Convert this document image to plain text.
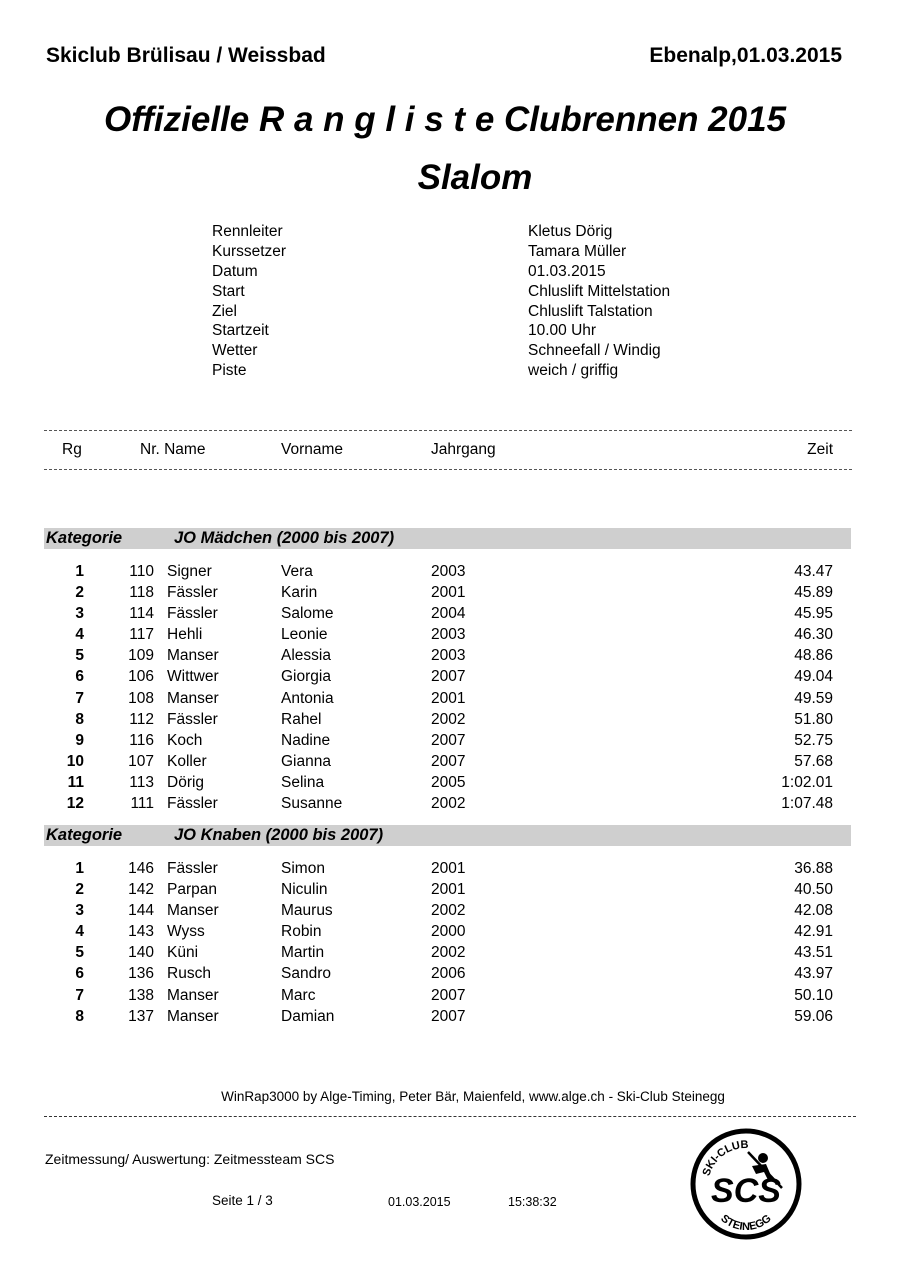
Skiclub Brülisau / Weissbad	Ebenalp,01.03.2015
Offizielle R a n g l i s t e Clubrennen 2015
Slalom
Rennleiter	Kletus Dörig
Kurssetzer	Tamara Müller
Datum	01.03.2015
Start	Chluslift Mittelstation
Ziel	Chluslift Talstation
Startzeit	10.00 Uhr
Wetter	Schneefall / Windig
Piste	weich / griffig
Rg	Nr. Name	Vorname	Jahrgang	Zeit
Kategorie	JO Mädchen (2000 bis 2007)
1	110 Signer	Vera	2003	43.47
2	118 Fässler	Karin	2001	45.89
3	114 Fässler	Salome	2004	45.95
4	117 Hehli	Leonie	2003	46.30
5	109 Manser	Alessia	2003	48.86
6	106 Wittwer	Giorgia	2007	49.04
7	108 Manser	Antonia	2001	49.59
8	112 Fässler	Rahel	2002	51.80
9	116 Koch	Nadine	2007	52.75
10	107 Koller	Gianna	2007	57.68
11	113 Dörig	Selina	2005	1:02.01
12	111 Fässler	Susanne	2002	1:07.48
Kategorie	JO Knaben (2000 bis 2007)
1	146 Fässler	Simon	2001	36.88
2	142 Parpan	Niculin	2001	40.50
3	144 Manser	Maurus	2002	42.08
4	143 Wyss	Robin	2000	42.91
5	140 Küni	Martin	2002	43.51
6	136 Rusch	Sandro	2006	43.97
7	138 Manser	Marc	2007	50.10
8	137 Manser	Damian	2007	59.06
WinRap3000 by Alge-Timing, Peter Bär, Maienfeld, www.alge.ch - Ski-Club Steinegg
Zeitmessung/ Auswertung: Zeitmessteam SCS
Seite 1 / 3	01.03.2015	15:38:32
SKI-CLUB
SCS
STEINEGG
